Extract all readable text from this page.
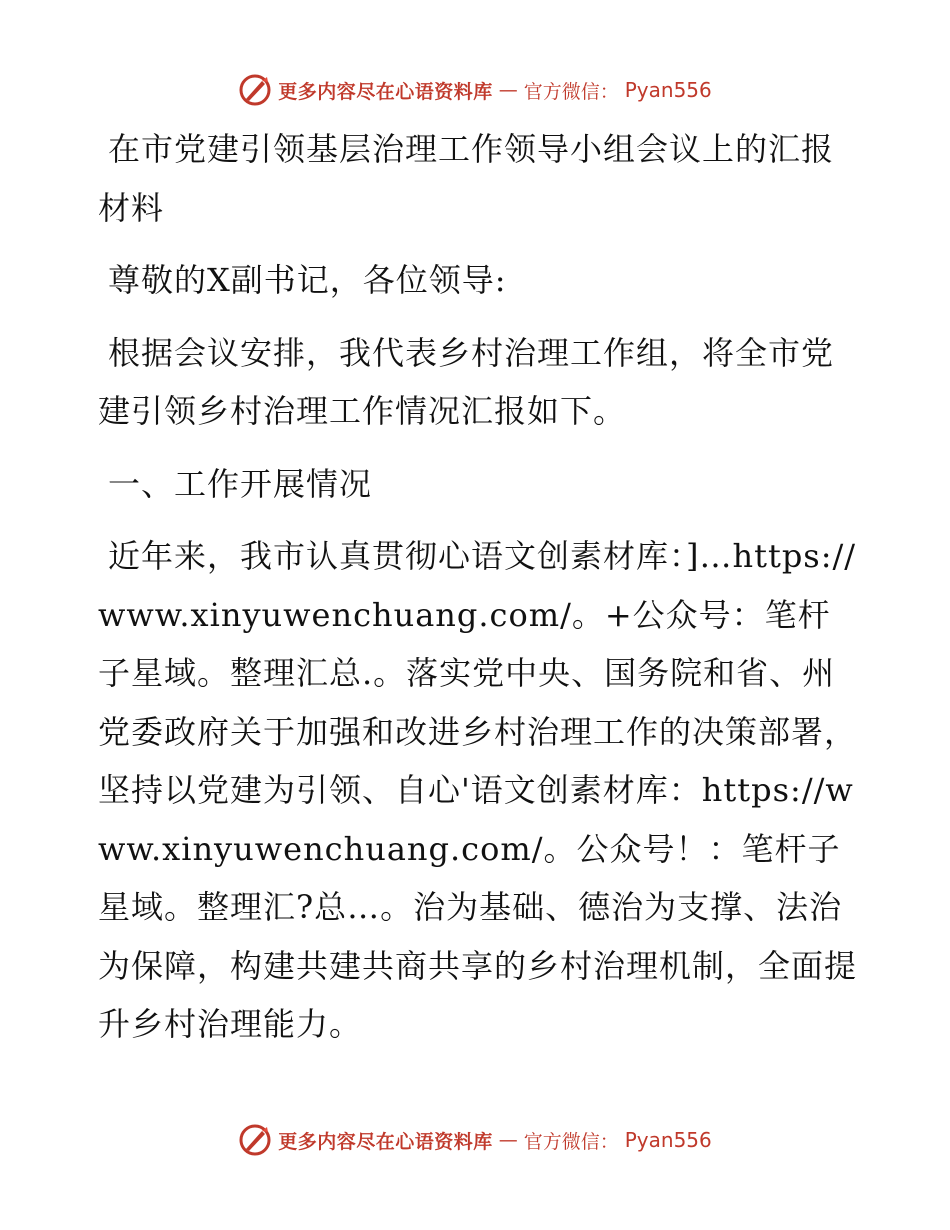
更多内容尽在心语资料库 — 官方微信： Pyan556

在市党建引领基层治理工作领导小组会议上的汇报材料

尊敬的X副书记，各位领导:

根据会议安排，我代表乡村治理工作组，将全市党建引领乡村治理工作情况汇报如下。

一、工作开展情况

近年来，我市认真贯彻心语文创素材库：]…https://www.xinyuwenchuang.com/。+公众号：笔杆子星域。整理汇总.。落实党中央、国务院和省、州党委政府关于加强和改进乡村治理工作的决策部署，坚持以党建为引领、自心'语文创素材库：https://www.xinyuwenchuang.com/。公众号！：笔杆子星域。整理汇?总…。治为基础、德治为支撑、法治为保障，构建共建共商共享的乡村治理机制，全面提升乡村治理能力。

更多内容尽在心语资料库 — 官方微信： Pyan556
